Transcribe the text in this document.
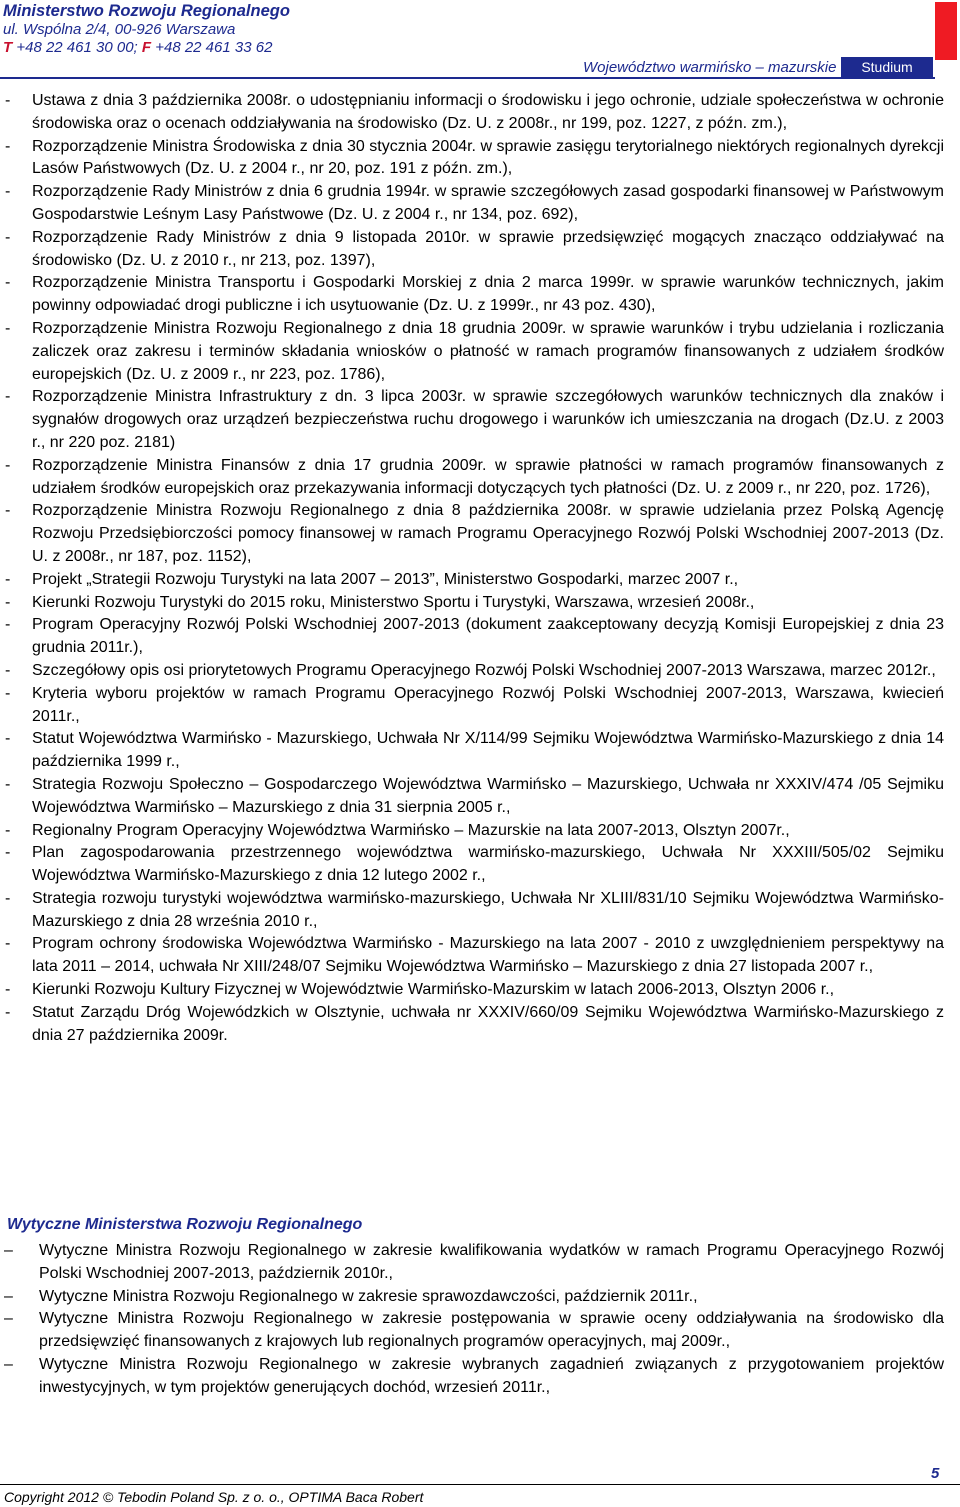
Ministerstwo Rozwoju Regionalnego
ul. Wspólna 2/4, 00-926 Warszawa
T +48 22 461 30 00; F +48 22 461 33 62
Województwo warmińsko – mazurskie	Studium
- Ustawa z dnia 3 października 2008r. o udostępnianiu informacji o środowisku i jego ochronie, udziale społeczeństwa w ochronie środowiska oraz o ocenach oddziaływania na środowisko (Dz. U. z 2008r., nr 199, poz. 1227, z późn. zm.),
- Rozporządzenie Ministra Środowiska z dnia 30 stycznia 2004r. w sprawie zasięgu terytorialnego niektórych regionalnych dyrekcji Lasów Państwowych (Dz. U. z 2004 r., nr 20, poz. 191 z późn. zm.),
- Rozporządzenie Rady Ministrów z dnia 6 grudnia 1994r. w sprawie szczegółowych zasad gospodarki finansowej w Państwowym Gospodarstwie Leśnym Lasy Państwowe (Dz. U. z 2004 r., nr 134, poz. 692),
- Rozporządzenie Rady Ministrów z dnia 9 listopada 2010r. w sprawie przedsięwzięć mogących znacząco oddziaływać na środowisko (Dz. U. z 2010 r., nr 213, poz. 1397),
- Rozporządzenie Ministra Transportu i Gospodarki Morskiej z dnia 2 marca 1999r. w sprawie warunków technicznych, jakim powinny odpowiadać drogi publiczne i ich usytuowanie (Dz. U. z 1999r., nr 43 poz. 430),
- Rozporządzenie Ministra Rozwoju Regionalnego z dnia 18 grudnia 2009r. w sprawie warunków i trybu udzielania i rozliczania zaliczek oraz zakresu i terminów składania wniosków o płatność w ramach programów finansowanych z udziałem środków europejskich (Dz. U. z 2009 r., nr 223, poz. 1786),
- Rozporządzenie Ministra Infrastruktury z dn. 3 lipca 2003r. w sprawie szczegółowych warunków technicznych dla znaków i sygnałów drogowych oraz urządzeń bezpieczeństwa ruchu drogowego i warunków ich umieszczania na drogach (Dz.U. z 2003 r., nr 220 poz. 2181)
- Rozporządzenie Ministra Finansów z dnia 17 grudnia 2009r. w sprawie płatności w ramach programów finansowanych z udziałem środków europejskich oraz przekazywania informacji dotyczących tych płatności (Dz. U. z 2009 r., nr 220, poz. 1726),
- Rozporządzenie Ministra Rozwoju Regionalnego z dnia 8 października 2008r. w sprawie udzielania przez Polską Agencję Rozwoju Przedsiębiorczości pomocy finansowej w ramach Programu Operacyjnego Rozwój Polski Wschodniej 2007-2013 (Dz. U. z 2008r., nr 187, poz. 1152),
- Projekt „Strategii Rozwoju Turystyki na lata 2007 – 2013”, Ministerstwo Gospodarki, marzec 2007 r.,
- Kierunki Rozwoju Turystyki do 2015 roku, Ministerstwo Sportu i Turystyki, Warszawa, wrzesień 2008r.,
- Program Operacyjny Rozwój Polski Wschodniej 2007-2013 (dokument zaakceptowany decyzją Komisji Europejskiej z dnia 23 grudnia 2011r.),
- Szczegółowy opis osi priorytetowych Programu Operacyjnego Rozwój Polski Wschodniej 2007-2013 Warszawa, marzec 2012r.,
- Kryteria wyboru projektów w ramach Programu Operacyjnego Rozwój Polski Wschodniej 2007-2013, Warszawa, kwiecień 2011r.,
- Statut Województwa Warmińsko - Mazurskiego, Uchwała Nr X/114/99 Sejmiku Województwa Warmińsko-Mazurskiego z dnia 14 października 1999 r.,
- Strategia Rozwoju Społeczno – Gospodarczego Województwa Warmińsko – Mazurskiego, Uchwała nr XXXIV/474 /05 Sejmiku Województwa Warmińsko – Mazurskiego z dnia 31 sierpnia 2005 r.,
- Regionalny Program Operacyjny Województwa Warmińsko – Mazurskie na lata 2007-2013, Olsztyn 2007r.,
- Plan zagospodarowania przestrzennego województwa warmińsko-mazurskiego, Uchwała Nr XXXIII/505/02 Sejmiku Województwa Warmińsko-Mazurskiego z dnia 12 lutego 2002 r.,
- Strategia rozwoju turystyki województwa warmińsko-mazurskiego, Uchwała Nr XLIII/831/10 Sejmiku Województwa Warmińsko-Mazurskiego z dnia 28 września 2010 r.,
- Program ochrony środowiska Województwa Warmińsko - Mazurskiego na lata 2007 - 2010 z uwzględnieniem perspektywy na lata 2011 – 2014, uchwała Nr XIII/248/07 Sejmiku Województwa Warmińsko – Mazurskiego z dnia 27 listopada 2007 r.,
- Kierunki Rozwoju Kultury Fizycznej w Województwie Warmińsko-Mazurskim w latach 2006-2013, Olsztyn 2006 r.,
- Statut Zarządu Dróg Wojewódzkich w Olsztynie, uchwała nr XXXIV/660/09 Sejmiku Województwa Warmińsko-Mazurskiego z dnia 27 października 2009r.
Wytyczne Ministerstwa Rozwoju Regionalnego
– Wytyczne Ministra Rozwoju Regionalnego w zakresie kwalifikowania wydatków w ramach Programu Operacyjnego Rozwój Polski Wschodniej 2007-2013, październik 2010r.,
– Wytyczne Ministra Rozwoju Regionalnego w zakresie sprawozdawczości, październik 2011r.,
– Wytyczne Ministra Rozwoju Regionalnego w zakresie postępowania w sprawie oceny oddziaływania na środowisko dla przedsięwzięć finansowanych z krajowych lub regionalnych programów operacyjnych, maj 2009r.,
– Wytyczne Ministra Rozwoju Regionalnego w zakresie wybranych zagadnień związanych z przygotowaniem projektów inwestycyjnych, w tym projektów generujących dochód, wrzesień 2011r.,
5
Copyright 2012 © Tebodin Poland Sp. z o. o., OPTIMA Baca Robert
